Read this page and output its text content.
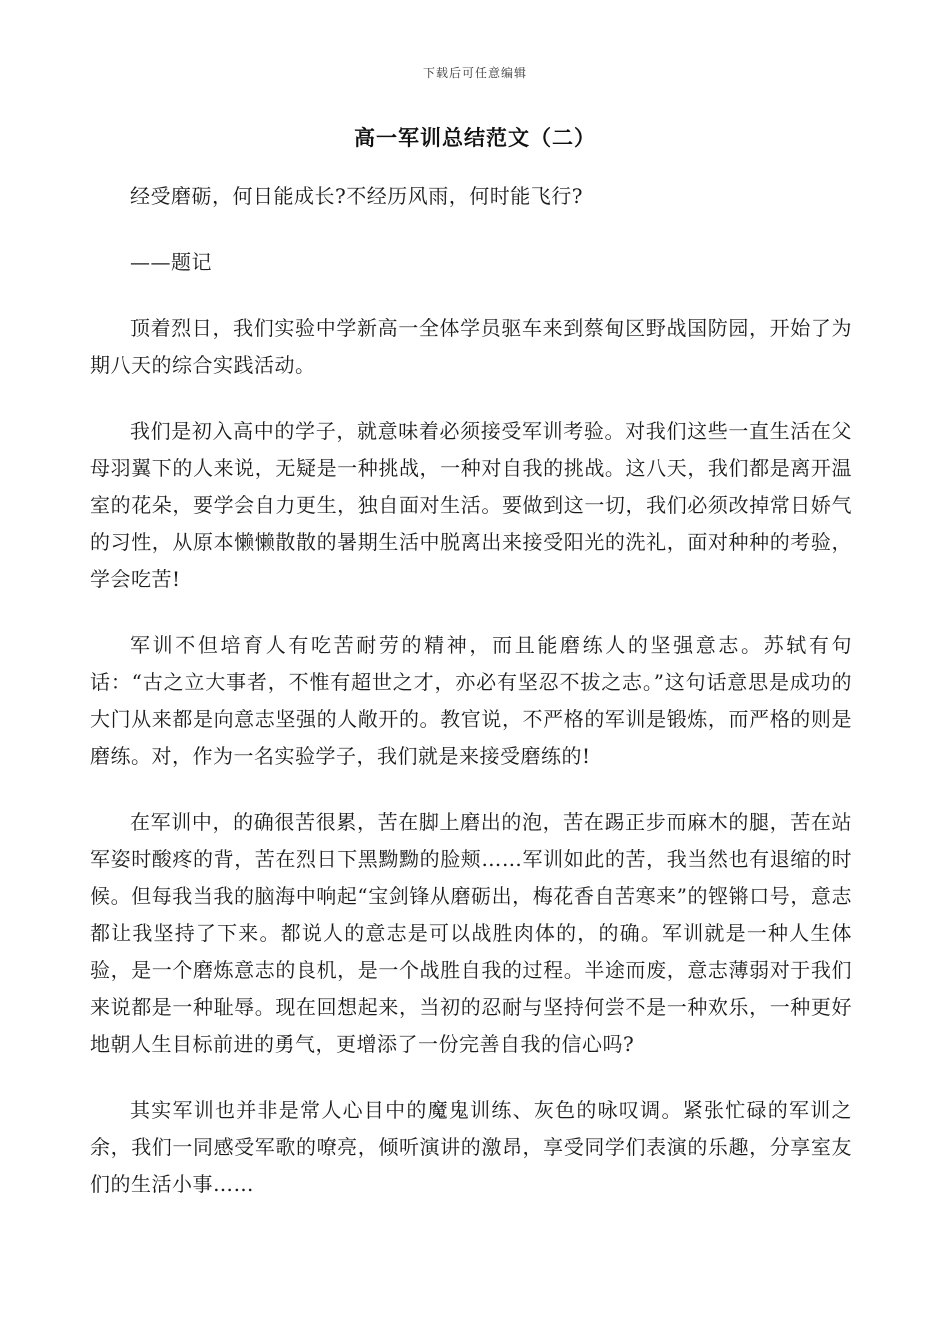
下载后可任意编辑
高一军训总结范文（二）

经受磨砺，何日能成长?不经历风雨，何时能飞行?

——题记

顶着烈日，我们实验中学新高一全体学员驱车来到蔡甸区野战国防园，开始了为期八天的综合实践活动。

我们是初入高中的学子，就意味着必须接受军训考验。对我们这些一直生活在父母羽翼下的人来说，无疑是一种挑战，一种对自我的挑战。这八天，我们都是离开温室的花朵，要学会自力更生，独自面对生活。要做到这一切，我们必须改掉常日娇气的习性，从原本懒懒散散的暑期生活中脱离出来接受阳光的洗礼，面对种种的考验，学会吃苦!

军训不但培育人有吃苦耐劳的精神，而且能磨练人的坚强意志。苏轼有句话：“古之立大事者，不惟有超世之才，亦必有坚忍不拔之志。”这句话意思是成功的大门从来都是向意志坚强的人敞开的。教官说，不严格的军训是锻炼，而严格的则是磨练。对，作为一名实验学子，我们就是来接受磨练的!

在军训中，的确很苦很累，苦在脚上磨出的泡，苦在踢正步而麻木的腿，苦在站军姿时酸疼的背，苦在烈日下黑黝黝的脸颊……军训如此的苦，我当然也有退缩的时候。但每我当我的脑海中响起“宝剑锋从磨砺出，梅花香自苦寒来”的铿锵口号，意志都让我坚持了下来。都说人的意志是可以战胜肉体的，的确。军训就是一种人生体验，是一个磨炼意志的良机，是一个战胜自我的过程。半途而废，意志薄弱对于我们来说都是一种耻辱。现在回想起来，当初的忍耐与坚持何尝不是一种欢乐，一种更好地朝人生目标前进的勇气，更增添了一份完善自我的信心吗?

其实军训也并非是常人心目中的魔鬼训练、灰色的咏叹调。紧张忙碌的军训之余，我们一同感受军歌的嘹亮，倾听演讲的激昂，享受同学们表演的乐趣，分享室友们的生活小事……
